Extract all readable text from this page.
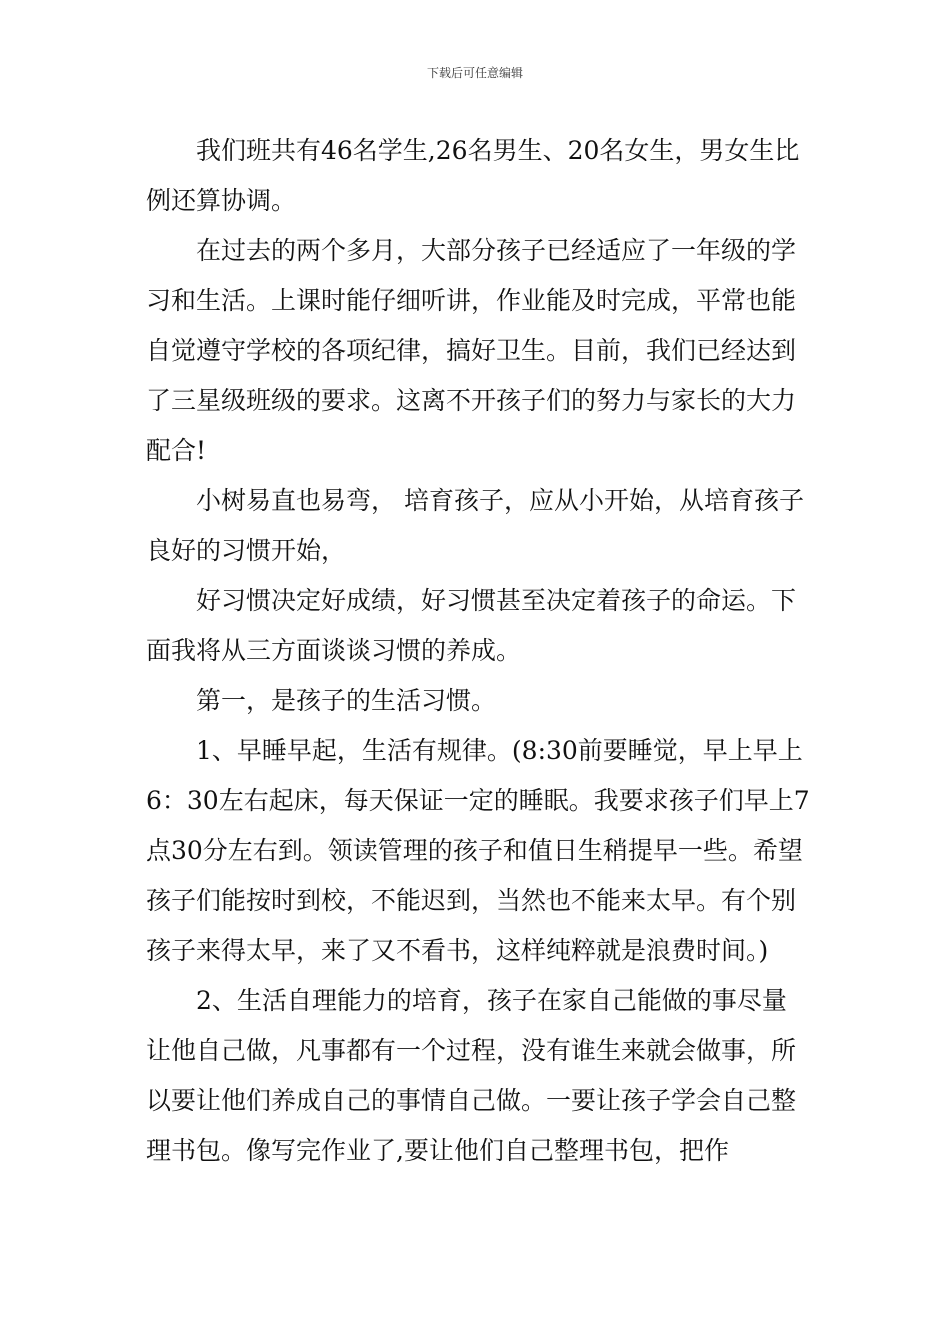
下载后可任意编辑

我们班共有46名学生,26名男生、20名女生，男女生比例还算协调。

在过去的两个多月，大部分孩子已经适应了一年级的学习和生活。上课时能仔细听讲，作业能及时完成，平常也能自觉遵守学校的各项纪律，搞好卫生。目前，我们已经达到了三星级班级的要求。这离不开孩子们的努力与家长的大力配合!

小树易直也易弯， 培育孩子，应从小开始，从培育孩子良好的习惯开始，

好习惯决定好成绩，好习惯甚至决定着孩子的命运。下面我将从三方面谈谈习惯的养成。

第一，是孩子的生活习惯。

1、早睡早起，生活有规律。(8:30前要睡觉，早上早上6：30左右起床，每天保证一定的睡眠。我要求孩子们早上7点30分左右到。领读管理的孩子和值日生稍提早一些。希望孩子们能按时到校，不能迟到，当然也不能来太早。有个别孩子来得太早，来了又不看书，这样纯粹就是浪费时间。)

2、生活自理能力的培育，孩子在家自己能做的事尽量让他自己做，凡事都有一个过程，没有谁生来就会做事，所以要让他们养成自己的事情自己做。一要让孩子学会自己整理书包。像写完作业了,要让他们自己整理书包，把作
